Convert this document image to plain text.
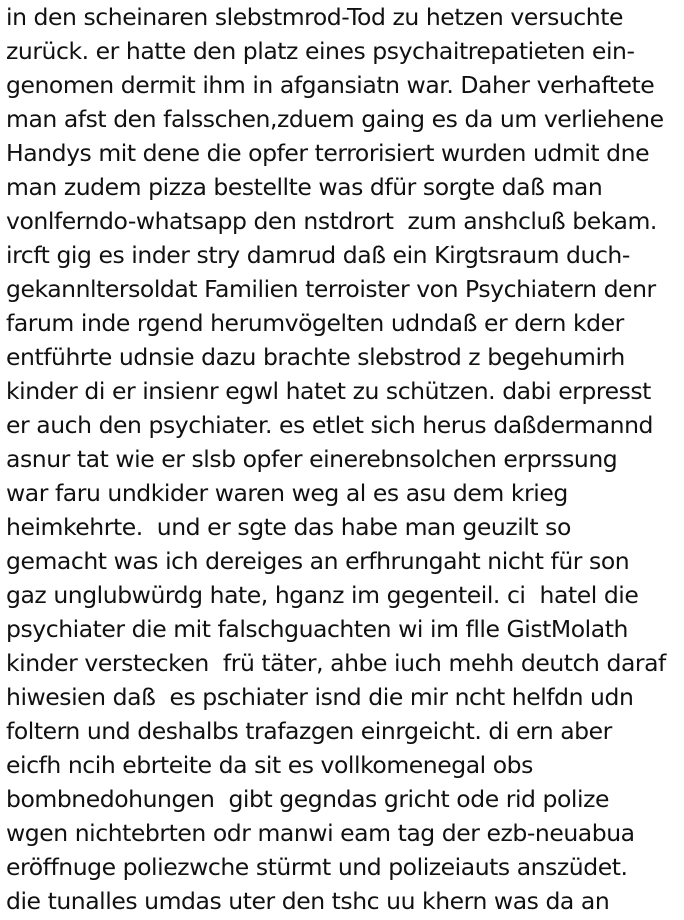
in den scheinaren slebstmrod-Tod zu hetzen versuchte
zurück. er hatte den platz eines psychaitrepatieten ein-
genomen dermit ihm in afgansiatn war. Daher verhaftete
man afst den falsschen,zduem gaing es da um verliehene
Handys mit dene die opfer terrorisiert wurden udmit dne
man zudem pizza bestellte was dfür sorgte daß man
vonlferndo-whatsapp den nstdrort  zum anshcluß bekam.
ircft gig es inder stry damrud daß ein Kirgtsraum duch-
gekannltersoldat Familien terroister von Psychiatern denr
farum inde rgend herumvögelten udndaß er dern kder
entführte udnsie dazu brachte slebstrod z begehumirh
kinder di er insienr egwl hatet zu schützen. dabi erpresst
er auch den psychiater. es etlet sich herus daßdermannd
asnur tat wie er slsb opfer einerebnsolchen erprssung
war faru undkider waren weg al es asu dem krieg
heimkehrte.  und er sgte das habe man geuzilt so
gemacht was ich dereiges an erfhrungaht nicht für son
gaz unglubwürdg hate, hganz im gegenteil. ci  hatel die
psychiater die mit falschguachten wi im flle GistMolath
kinder verstecken  frü täter, ahbe iuch mehh deutch daraf
hiwesien daß  es pschiater isnd die mir ncht helfdn udn
foltern und deshalbs trafazgen einrgeicht. di ern aber
eicfh ncih ebrteite da sit es vollkomenegal obs
bombnedohungen  gibt gegndas gricht ode rid polize
wgen nichtebrten odr manwi eam tag der ezb-neuabua
eröffnuge poliezwche stürmt und polizeiauts anszüdet.
die tunalles umdas uter den tshc uu khern was da an
